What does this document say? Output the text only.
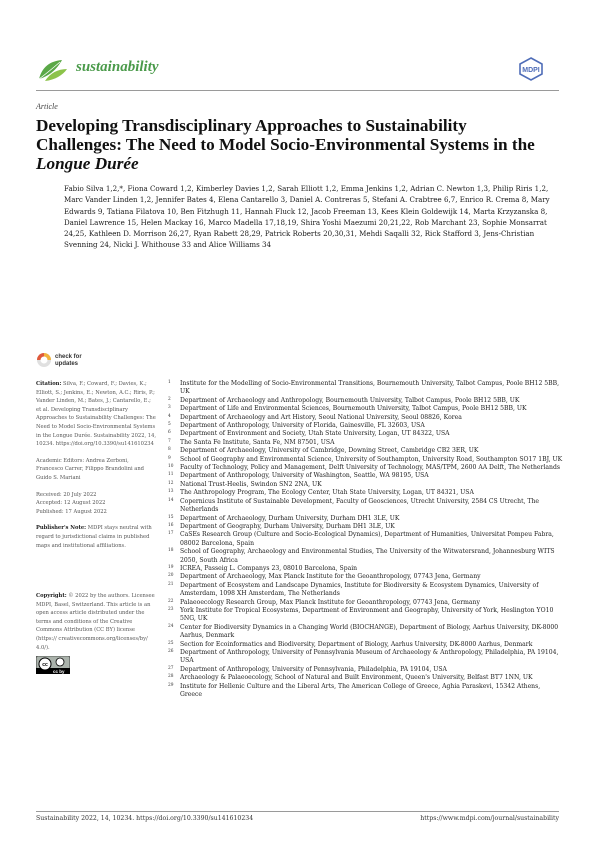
sustainability	MDPI
Article
Developing Transdisciplinary Approaches to Sustainability Challenges: The Need to Model Socio-Environmental Systems in the Longue Durée
Fabio Silva 1,2,*, Fiona Coward 1,2, Kimberley Davies 1,2, Sarah Elliott 1,2, Emma Jenkins 1,2, Adrian C. Newton 1,3, Philip Riris 1,2, Marc Vander Linden 1,2, Jennifer Bates 4, Elena Cantarello 3, Daniel A. Contreras 5, Stefani A. Crabtree 6,7, Enrico R. Crema 8, Mary Edwards 9, Tatiana Filatova 10, Ben Fitzhugh 11, Hannah Fluck 12, Jacob Freeman 13, Kees Klein Goldewijk 14, Marta Krzyzanska 8, Daniel Lawrence 15, Helen Mackay 16, Marco Madella 17,18,19, Shira Yoshi Maezumi 20,21,22, Rob Marchant 23, Sophie Monsarrat 24,25, Kathleen D. Morrison 26,27, Ryan Rabett 28,29, Patrick Roberts 20,30,31, Mehdi Saqalli 32, Rick Stafford 3, Jens-Christian Svenning 24, Nicki J. Whithouse 33 and Alice Williams 34
check for
updates

Citation: Silva, F.; Coward, F.; Davies, K.; Elliott, S.; Jenkins, E.; Newton, A.C.; Riris, P.; Vander Linden, M.; Bates, J.; Cantarello, E.; et al. Developing Transdisciplinary Approaches to Sustainability Challenges: The Need to Model Socio-Environmental Systems in the Longue Durée. Sustainability 2022, 14, 10234. https://doi.org/10.3390/su141610234

Academic Editors: Andrea Zerboni, Francesco Carrer, Filippo Brandolini and Guido S. Mariani

Received: 20 July 2022
Accepted: 12 August 2022
Published: 17 August 2022

Publisher's Note: MDPI stays neutral with regard to jurisdictional claims in published maps and institutional affiliations.

Copyright: © 2022 by the authors. Licensee MDPI, Basel, Switzerland. This article is an open access article distributed under the terms and conditions of the Creative Commons Attribution (CC BY) license (https:// creativecommons.org/licenses/by/ 4.0/).

cc
cc by
1 Institute for the Modelling of Socio-Environmental Transitions, Bournemouth University, Talbot Campus, Poole BH12 5BB, UK
2 Department of Archaeology and Anthropology, Bournemouth University, Talbot Campus, Poole BH12 5BB, UK
3 Department of Life and Environmental Sciences, Bournemouth University, Talbot Campus, Poole BH12 5BB, UK
4 Department of Archaeology and Art History, Seoul National University, Seoul 08826, Korea
5 Department of Anthropology, University of Florida, Gainesville, FL 32603, USA
6 Department of Environment and Society, Utah State University, Logan, UT 84322, USA
7 The Santa Fe Institute, Santa Fe, NM 87501, USA
8 Department of Archaeology, University of Cambridge, Downing Street, Cambridge CB2 3ER, UK
9 School of Geography and Environmental Science, University of Southampton, University Road, Southampton SO17 1BJ, UK
10 Faculty of Technology, Policy and Management, Delft University of Technology, MAS/TPM, 2600 AA Delft, The Netherlands
11 Department of Anthropology, University of Washington, Seattle, WA 98195, USA
12 National Trust-Heelis, Swindon SN2 2NA, UK
13 The Anthropology Program, The Ecology Center, Utah State University, Logan, UT 84321, USA
14 Copernicus Institute of Sustainable Development, Faculty of Geosciences, Utrecht University, 2584 CS Utrecht, The Netherlands
15 Department of Archaeology, Durham University, Durham DH1 3LE, UK
16 Department of Geography, Durham University, Durham DH1 3LE, UK
17 CaSEs Research Group (Culture and Socio-Ecological Dynamics), Department of Humanities, Universitat Pompeu Fabra, 08002 Barcelona, Spain
18 School of Geography, Archaeology and Environmental Studies, The University of the Witwatersrand, Johannesburg WITS 2050, South Africa
19 ICREA, Passeig L. Companys 23, 08010 Barcelona, Spain
20 Department of Archaeology, Max Planck Institute for the Geoanthropology, 07743 Jena, Germany
21 Department of Ecosystem and Landscape Dynamics, Institute for Biodiversity & Ecosystem Dynamics, University of Amsterdam, 1098 XH Amsterdam, The Netherlands
22 Palaeoecology Research Group, Max Planck Institute for Geoanthropology, 07743 Jena, Germany
23 York Institute for Tropical Ecosystems, Department of Environment and Geography, University of York, Heslington YO10 5NG, UK
24 Center for Biodiversity Dynamics in a Changing World (BIOCHANGE), Department of Biology, Aarhus University, DK-8000 Aarhus, Denmark
25 Section for Ecoinformatics and Biodiversity, Department of Biology, Aarhus University, DK-8000 Aarhus, Denmark
26 Department of Anthropology, University of Pennsylvania Museum of Archaeology & Anthropology, Philadelphia, PA 19104, USA
27 Department of Anthropology, University of Pennsylvania, Philadelphia, PA 19104, USA
28 Archaeology & Palaeoecology, School of Natural and Built Environment, Queen's University, Belfast BT7 1NN, UK
29 Institute for Hellenic Culture and the Liberal Arts, The American College of Greece, Aghia Paraskevi, 15342 Athens, Greece
Sustainability 2022, 14, 10234. https://doi.org/10.3390/su141610234	https://www.mdpi.com/journal/sustainability
